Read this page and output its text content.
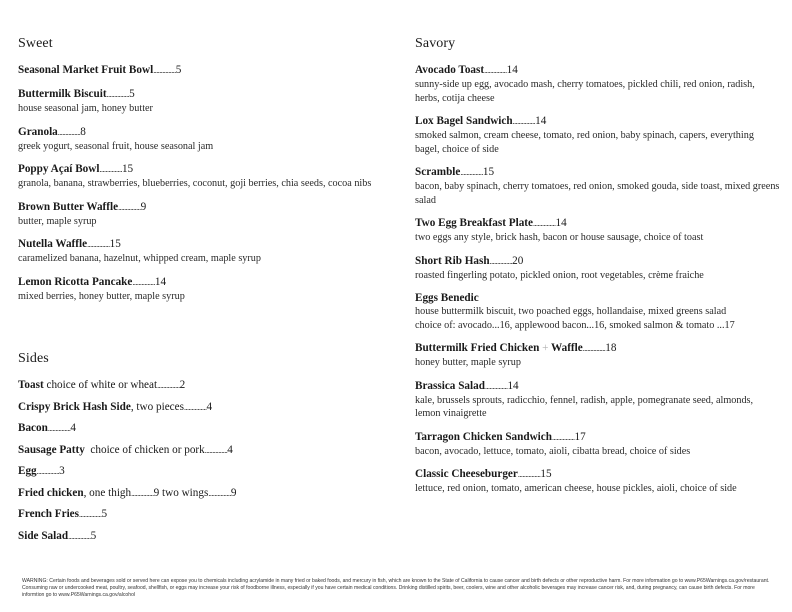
Sweet
Seasonal Market Fruit Bowl...............5
Buttermilk Biscuit...............5
house seasonal jam, honey butter
Granola...............8
greek yogurt, seasonal fruit, house seasonal jam
Poppy Açaí Bowl...............15
granola, banana, strawberries, blueberries, coconut, goji berries, chia seeds, cocoa nibs
Brown Butter Waffle...............9
butter, maple syrup
Nutella Waffle...............15
caramelized banana, hazelnut, whipped cream, maple syrup
Lemon Ricotta Pancake...............14
mixed berries, honey butter, maple syrup
Sides
Toast choice of white or wheat...............2
Crispy Brick Hash Side, two pieces...............4
Bacon...............4
Sausage Patty  choice of chicken or pork...............4
Egg...............3
Fried chicken, one thigh...............9 two wings...............9
French Fries...............5
Side Salad...............5
Savory
Avocado Toast...............14
sunny-side up egg, avocado mash, cherry tomatoes, pickled chili, red onion, radish, herbs, cotija cheese
Lox Bagel Sandwich...............14
smoked salmon, cream cheese, tomato, red onion, baby spinach, capers, everything bagel, choice of side
Scramble...............15
bacon, baby spinach, cherry tomatoes, red onion, smoked gouda, side toast, mixed greens salad
Two Egg Breakfast Plate...............14
two eggs any style, brick hash, bacon or house sausage, choice of toast
Short Rib Hash...............20
roasted fingerling potato, pickled onion, root vegetables, crème fraiche
Eggs Benedic
house buttermilk biscuit, two poached eggs, hollandaise, mixed greens salad
choice of: avocado...16, applewood bacon...16, smoked salmon & tomato ...17
Buttermilk Fried Chicken + Waffle...............18
honey butter, maple syrup
Brassica Salad...............14
kale, brussels sprouts, radicchio, fennel, radish, apple, pomegranate seed, almonds, lemon vinaigrette
Tarragon Chicken Sandwich...............17
bacon, avocado, lettuce, tomato, aioli, cibatta bread, choice of sides
Classic Cheeseburger...............15
lettuce, red onion, tomato, american cheese, house pickles, aioli, choice of side
WARNING: Certain foods and beverages sold or served here can expose you to chemicals including acrylamide in many fried or baked foods, and mercury in fish, which are known to the State of California to cause cancer and birth defects or other reproductive harm. For more information go to www.P65Warnings.ca.gov/restaurant. Consuming raw or undercooked meat, poultry, seafood, shellfish, or eggs may increase your risk of foodborne illness, especially if you have certain medical conditions. Drinking distilled spirits, beer, coolers, wine and other alcoholic beverages may increase cancer risk, and, during pregnancy, can cause birth defects. For more informtion go to www.P65Warnings.ca.gov/alcohol
